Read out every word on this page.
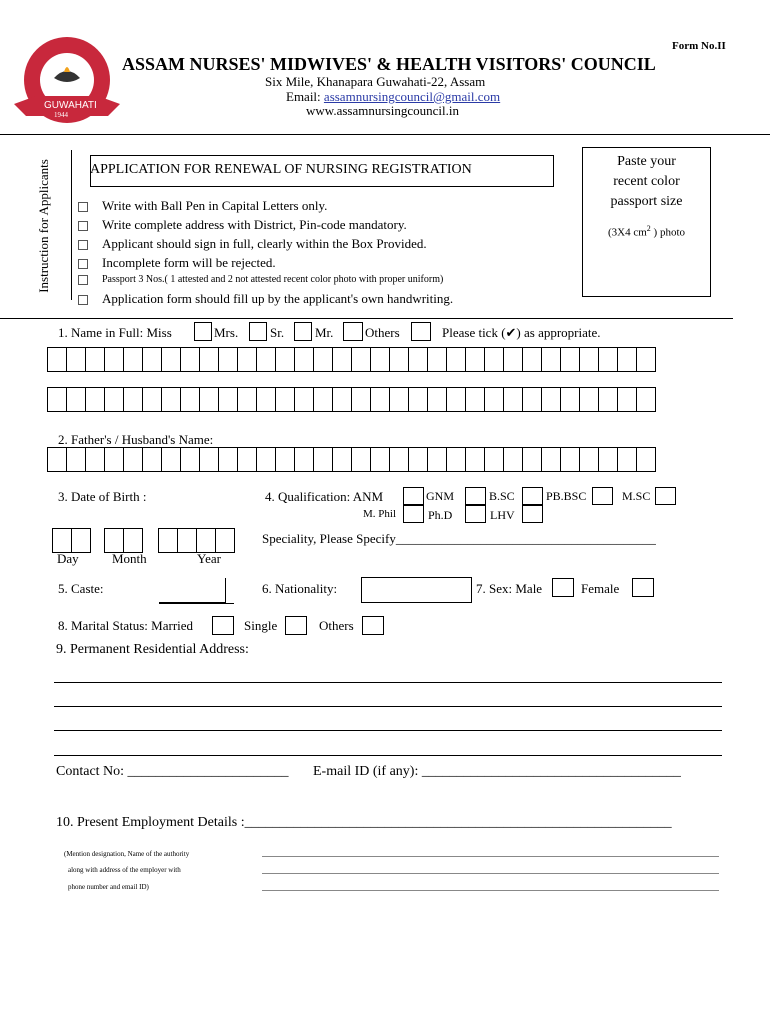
Form No.II
GUWAHATI
1944
ASSAM NURSES' MIDWIVES' & HEALTH VISITORS' COUNCIL
Six Mile, Khanapara Guwahati-22, Assam
Email: assamnursingcouncil@gmail.com
www.assamnursingcouncil.in
Instruction for Applicants	APPLICATION FOR RENEWAL OF NURSING REGISTRATION
Paste your
recent color
passport size
(3X4 $cm^2$ ) photo
Write with Ball Pen in Capital Letters only.
Write complete address with District, Pin-code mandatory.
Applicant should sign in full, clearly within the Box Provided.
Incomplete form will be rejected.
Passport 3 Nos.( 1 attested and 2 not attested recent color photo with proper uniform)
Application form should fill up by the applicant's own handwriting.
1. Name in Full: Miss	Mrs. Sr. Mr. Others	Please tick (✔) as appropriate.
2. Father's / Husband's Name:
3. Date of Birth :	4. Qualification: ANM	GNM	B.SC	PB.BSC	M.SC
M. Phil	Ph.D	LHV
Speciality, Please Specify________________________________________
Day	Month	Year
5. Caste:	6. Nationality:	7. Sex: Male	Female
8. Marital Status: Married	Single	Others
9. Permanent Residential Address:
Contact No: _______________________ E-mail ID (if any): _____________________________________
10. Present Employment Details :_____________________________________________________________
(Mention designation, Name of the authority
along with address of the employer with
phone number and email ID)
